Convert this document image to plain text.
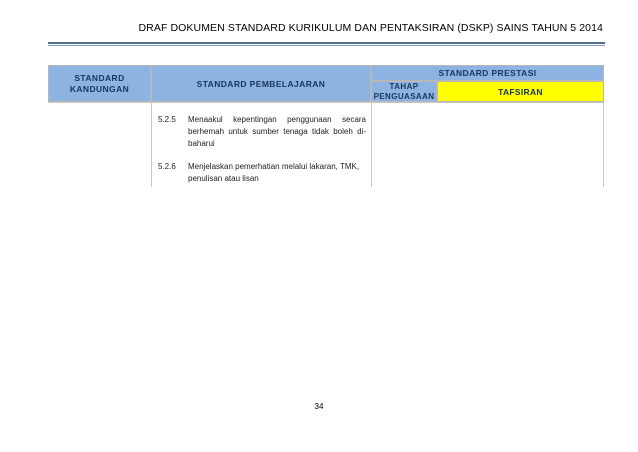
DRAF DOKUMEN STANDARD KURIKULUM DAN PENTAKSIRAN (DSKP) SAINS TAHUN 5 2014
STANDARD KANDUNGAN	STANDARD PEMBELAJARAN
STANDARD PRESTASI
TAHAP PENGUASAAN	TAFSIRAN
5.2.5 Menaakul kepentingan penggunaan secara berhemah untuk sumber tenaga tidak boleh di-baharui
5.2.6 Menjelaskan pemerhatian melalui lakaran, TMK, penulisan atau lisan
34
